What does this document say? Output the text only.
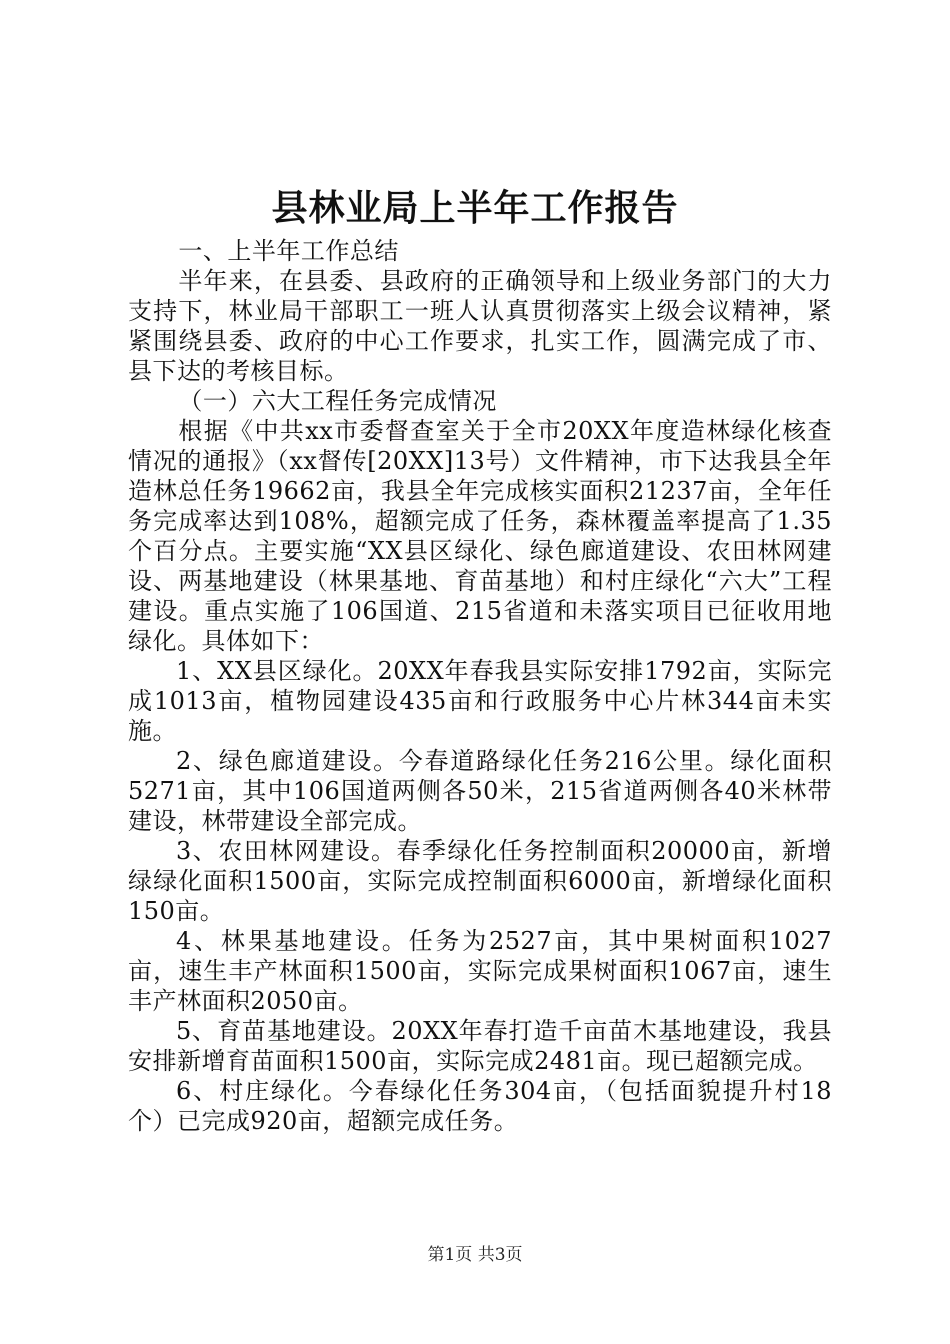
县林业局上半年工作报告

一、上半年工作总结

半年来，在县委、县政府的正确领导和上级业务部门的大力支持下，林业局干部职工一班人认真贯彻落实上级会议精神，紧紧围绕县委、政府的中心工作要求，扎实工作，圆满完成了市、县下达的考核目标。

（一）六大工程任务完成情况

根据《中共xx市委督查室关于全市20XX年度造林绿化核查情况的通报》（xx督传[20XX]13号）文件精神，市下达我县全年造林总任务19662亩，我县全年完成核实面积21237亩，全年任务完成率达到108%，超额完成了任务，森林覆盖率提高了1.35个百分点。主要实施“XX县区绿化、绿色廊道建设、农田林网建设、两基地建设（林果基地、育苗基地）和村庄绿化“六大”工程建设。重点实施了106国道、215省道和未落实项目已征收用地绿化。具体如下：

1、XX县区绿化。20XX年春我县实际安排1792亩，实际完成1013亩，植物园建设435亩和行政服务中心片林344亩未实施。

2、绿色廊道建设。今春道路绿化任务216公里。绿化面积5271亩，其中106国道两侧各50米，215省道两侧各40米林带建设，林带建设全部完成。

3、农田林网建设。春季绿化任务控制面积20000亩，新增绿绿化面积1500亩，实际完成控制面积6000亩，新增绿化面积150亩。

4、林果基地建设。任务为2527亩，其中果树面积1027亩，速生丰产林面积1500亩，实际完成果树面积1067亩，速生丰产林面积2050亩。

5、育苗基地建设。20XX年春打造千亩苗木基地建设，我县安排新增育苗面积1500亩，实际完成2481亩。现已超额完成。

6、村庄绿化。今春绿化任务304亩，（包括面貌提升村18个）已完成920亩，超额完成任务。

第1页 共3页
